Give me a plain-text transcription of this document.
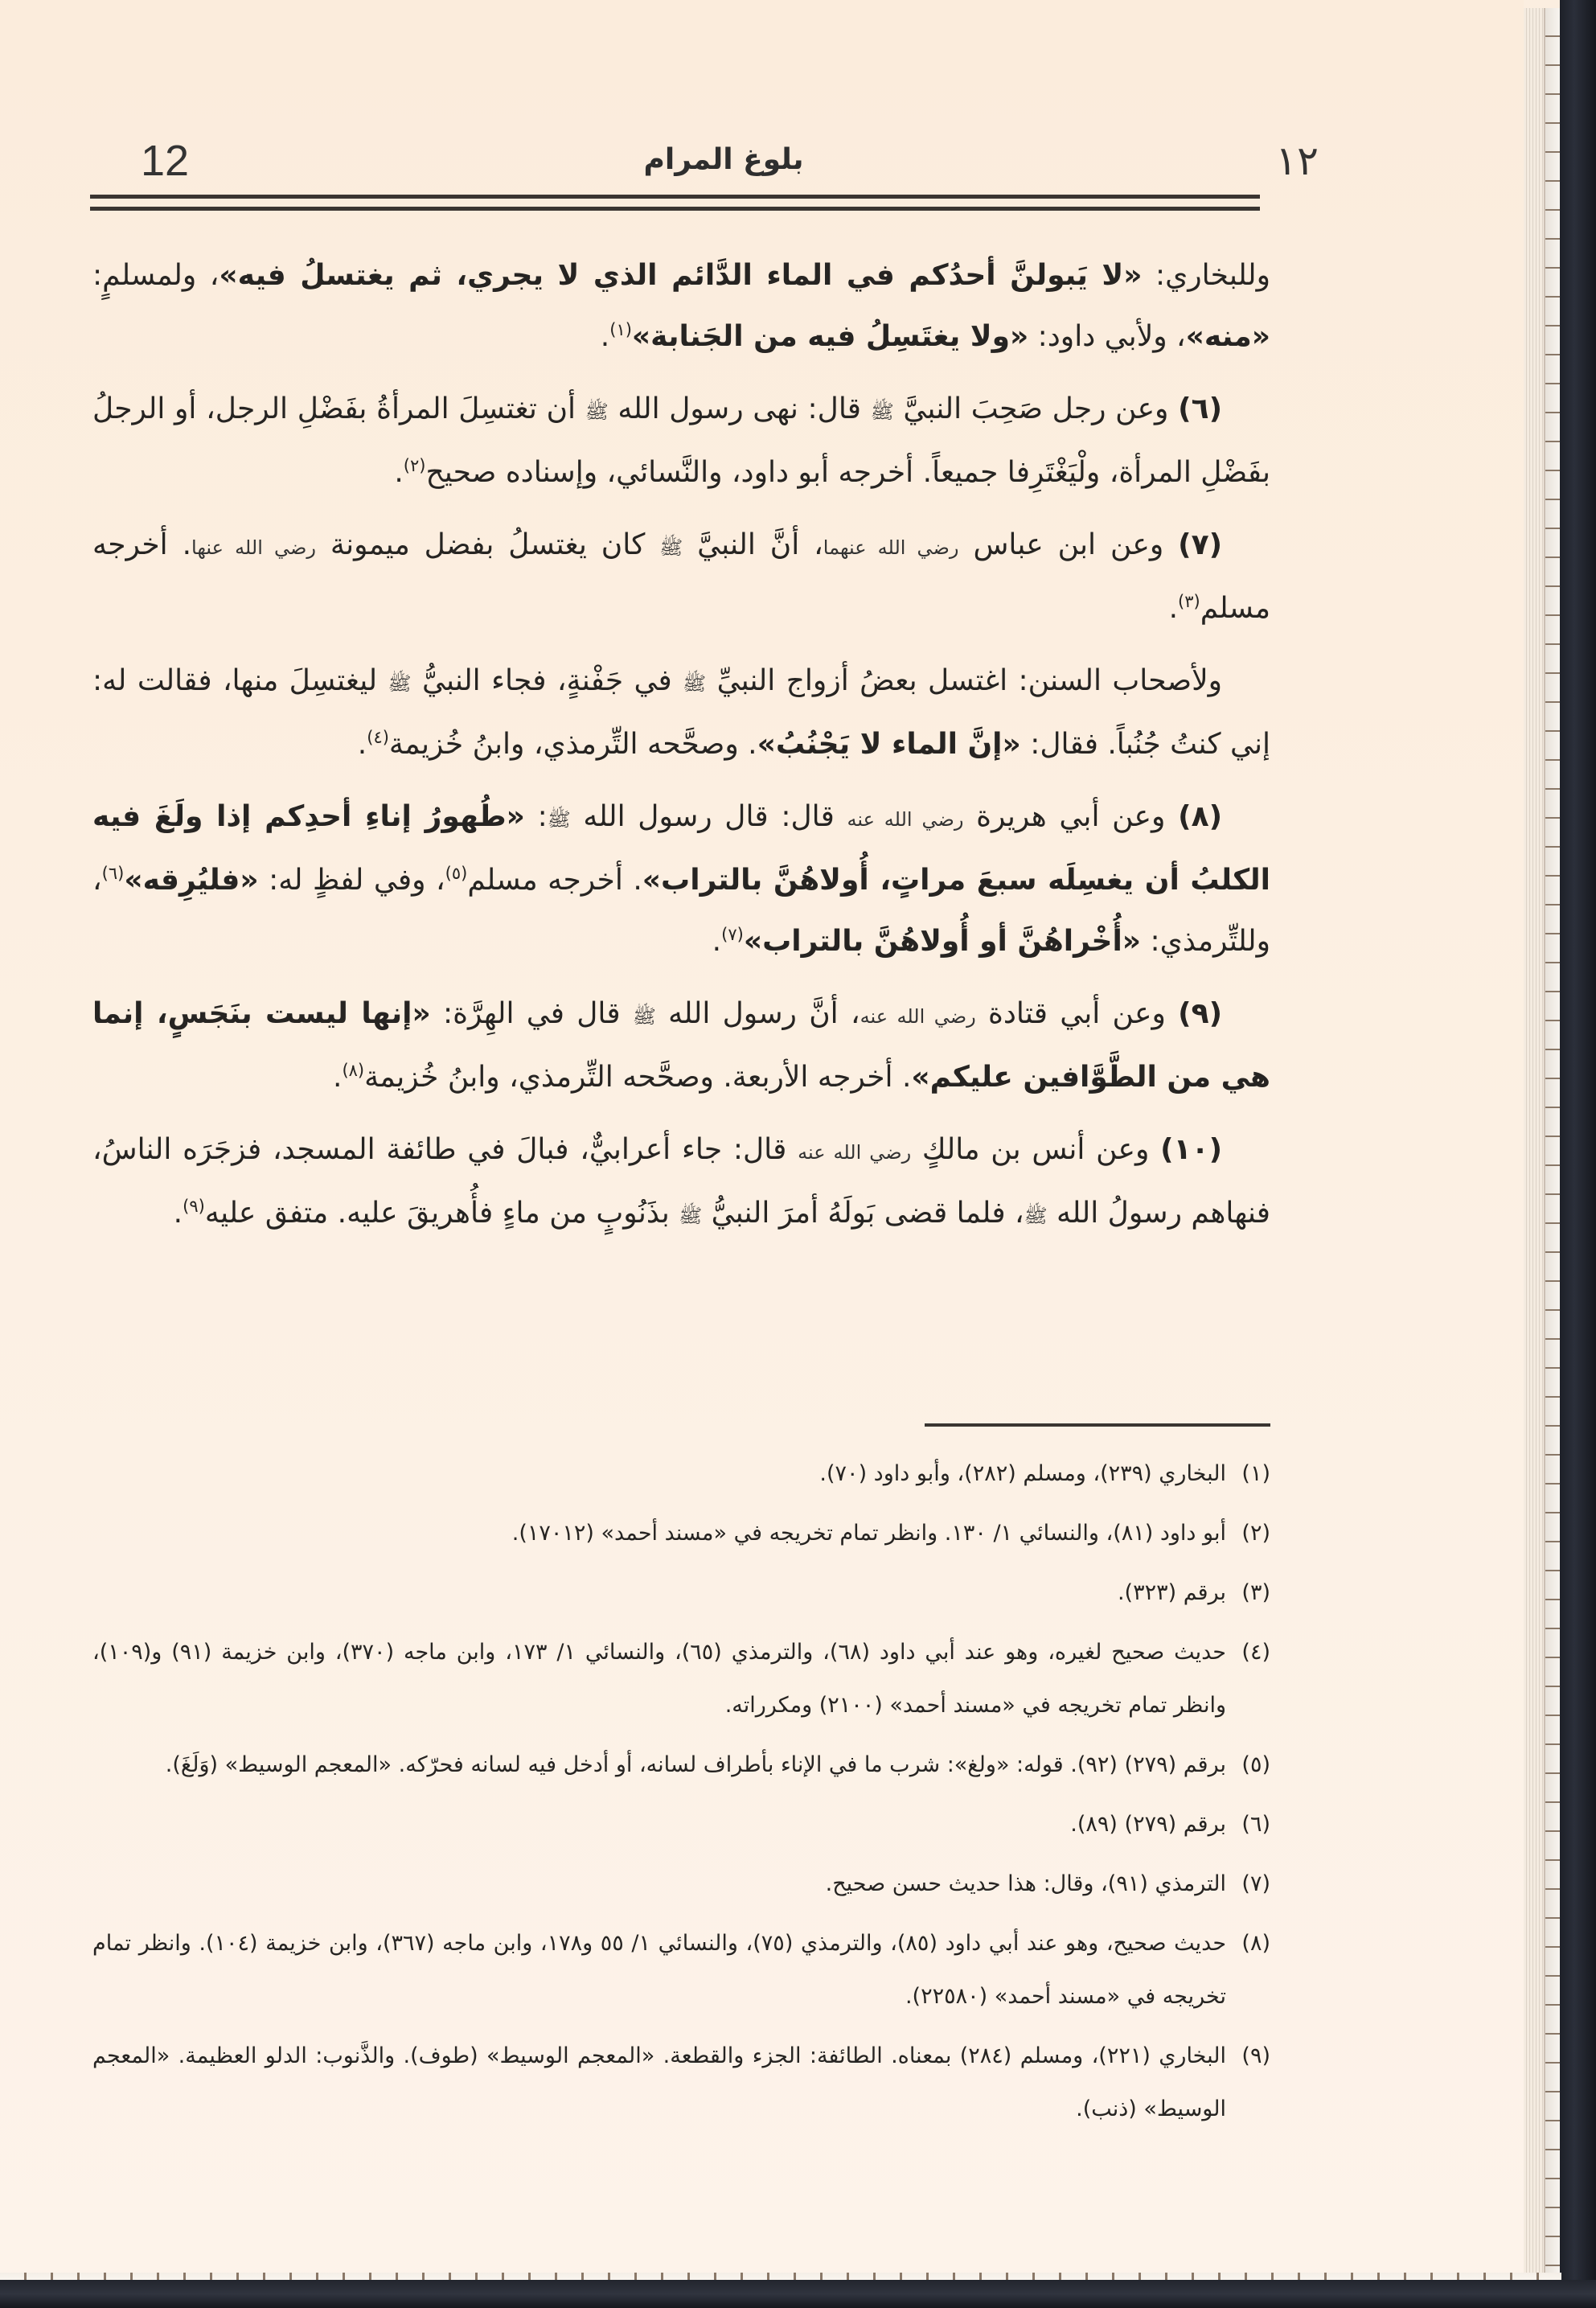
12	بلوغ المرام	١٢

وللبخاري: «لا يَبولنَّ أحدُكم في الماء الدَّائم الذي لا يجري، ثم يغتسلُ فيه»، ولمسلمٍ: «منه»، ولأبي داود: «ولا يغتَسِلُ فيه من الجَنابة»$^{(١)}$.

(٦) وعن رجل صَحِبَ النبيَّ ﷺ قال: نهى رسول الله ﷺ أن تغتسِلَ المرأةُ بفَضْلِ الرجل، أو الرجلُ بفَضْلِ المرأة، ولْيَغْتَرِفا جميعاً. أخرجه أبو داود، والنَّسائي، وإسناده صحيح$^{(٢)}$.

(٧) وعن ابن عباس رضي الله عنهما، أنَّ النبيَّ ﷺ كان يغتسلُ بفضل ميمونة رضي الله عنها. أخرجه مسلم$^{(٣)}$.

ولأصحاب السنن: اغتسل بعضُ أزواج النبيِّ ﷺ في جَفْنةٍ، فجاء النبيُّ ﷺ ليغتسِلَ منها، فقالت له: إني كنتُ جُنُباً. فقال: «إنَّ الماء لا يَجْنُبُ». وصحَّحه التِّرمذي، وابنُ خُزيمة$^{(٤)}$.

(٨) وعن أبي هريرة رضي الله عنه قال: قال رسول الله ﷺ: «طُهورُ إناءِ أحدِكم إذا ولَغَ فيه الكلبُ أن يغسِلَه سبعَ مراتٍ، أُولاهُنَّ بالتراب». أخرجه مسلم$^{(٥)}$، وفي لفظٍ له: «فليُرِقه»$^{(٦)}$، وللتِّرمذي: «أُخْراهُنَّ أو أُولاهُنَّ بالتراب»$^{(٧)}$.

(٩) وعن أبي قتادة رضي الله عنه، أنَّ رسول الله ﷺ قال في الهِرَّة: «إنها ليست بنَجَسٍ، إنما هي من الطَّوَّافين عليكم». أخرجه الأربعة. وصحَّحه التِّرمذي، وابنُ خُزيمة$^{(٨)}$.

(١٠) وعن أنس بن مالكٍ رضي الله عنه قال: جاء أعرابيٌّ، فبالَ في طائفة المسجد، فزجَرَه الناسُ، فنهاهم رسولُ الله ﷺ، فلما قضى بَولَهُ أمرَ النبيُّ ﷺ بذَنُوبٍ من ماءٍ فأُهريقَ عليه. متفق عليه$^{(٩)}$.

(١)
البخاري (٢٣٩)، ومسلم (٢٨٢)، وأبو داود (٧٠).
(٢)
أبو داود (٨١)، والنسائي ١/ ١٣٠. وانظر تمام تخريجه في «مسند أحمد» (١٧٠١٢).
(٣)
برقم (٣٢٣).
(٤)
حديث صحيح لغيره، وهو عند أبي داود (٦٨)، والترمذي (٦٥)، والنسائي ١/ ١٧٣، وابن ماجه (٣٧٠)، وابن خزيمة (٩١) و(١٠٩)، وانظر تمام تخريجه في «مسند أحمد» (٢١٠٠) ومكرراته.
(٥)
برقم (٢٧٩) (٩٢). قوله: «ولغ»: شرب ما في الإناء بأطراف لسانه، أو أدخل فيه لسانه فحرّكه. «المعجم الوسيط» (وَلَغَ).
(٦)
برقم (٢٧٩) (٨٩).
(٧)
الترمذي (٩١)، وقال: هذا حديث حسن صحيح.
(٨)
حديث صحيح، وهو عند أبي داود (٨٥)، والترمذي (٧٥)، والنسائي ١/ ٥٥ و١٧٨، وابن ماجه (٣٦٧)، وابن خزيمة (١٠٤). وانظر تمام تخريجه في «مسند أحمد» (٢٢٥٨٠).
(٩)
البخاري (٢٢١)، ومسلم (٢٨٤) بمعناه. الطائفة: الجزء والقطعة. «المعجم الوسيط» (طوف). والذَّنوب: الدلو العظيمة. «المعجم الوسيط» (ذنب).
